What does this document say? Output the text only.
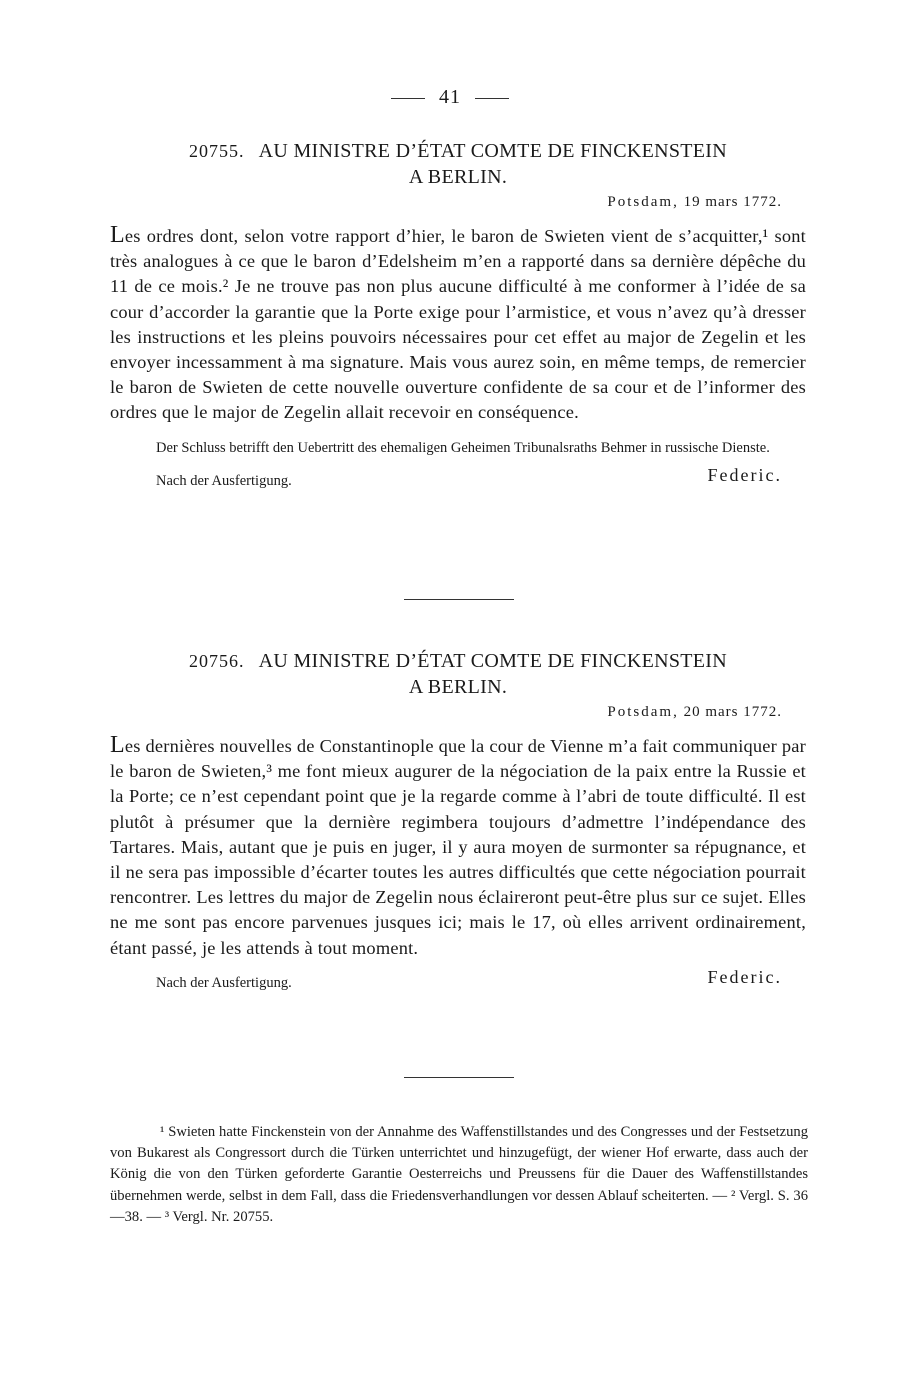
41
20755. AU MINISTRE D’ÉTAT COMTE DE FINCKENSTEIN
A BERLIN.
Potsdam, 19 mars 1772.
Les ordres dont, selon votre rapport d’hier, le baron de Swieten vient de s’acquitter,¹ sont très analogues à ce que le baron d’Edelsheim m’en a rapporté dans sa dernière dépêche du 11 de ce mois.² Je ne trouve pas non plus aucune difficulté à me conformer à l’idée de sa cour d’accorder la garantie que la Porte exige pour l’armistice, et vous n’avez qu’à dresser les instructions et les pleins pouvoirs nécessaires pour cet effet au major de Zegelin et les envoyer incessamment à ma signature. Mais vous aurez soin, en même temps, de remercier le baron de Swieten de cette nouvelle ouverture confidente de sa cour et de l’informer des ordres que le major de Zegelin allait recevoir en conséquence.
Der Schluss betrifft den Uebertritt des ehemaligen Geheimen Tribunalsraths Behmer in russische Dienste.
Nach der Ausfertigung.	Federic.
20756. AU MINISTRE D’ÉTAT COMTE DE FINCKENSTEIN
A BERLIN.
Potsdam, 20 mars 1772.
Les dernières nouvelles de Constantinople que la cour de Vienne m’a fait communiquer par le baron de Swieten,³ me font mieux augurer de la négociation de la paix entre la Russie et la Porte; ce n’est cependant point que je la regarde comme à l’abri de toute difficulté. Il est plutôt à présumer que la dernière regimbera toujours d’admettre l’indépendance des Tartares. Mais, autant que je puis en juger, il y aura moyen de surmonter sa répugnance, et il ne sera pas impossible d’écarter toutes les autres difficultés que cette négociation pourrait rencontrer. Les lettres du major de Zegelin nous éclaireront peut-être plus sur ce sujet. Elles ne me sont pas encore parvenues jusques ici; mais le 17, où elles arrivent ordinairement, étant passé, je les attends à tout moment.
Nach der Ausfertigung.	Federic.

¹ Swieten hatte Finckenstein von der Annahme des Waffenstillstandes und des Congresses und der Festsetzung von Bukarest als Congressort durch die Türken unterrichtet und hinzugefügt, der wiener Hof erwarte, dass auch der König die von den Türken geforderte Garantie Oesterreichs und Preussens für die Dauer des Waffenstillstandes übernehmen werde, selbst in dem Fall, dass die Friedensverhandlungen vor dessen Ablauf scheiterten. — ² Vergl. S. 36—38. — ³ Vergl. Nr. 20755.
